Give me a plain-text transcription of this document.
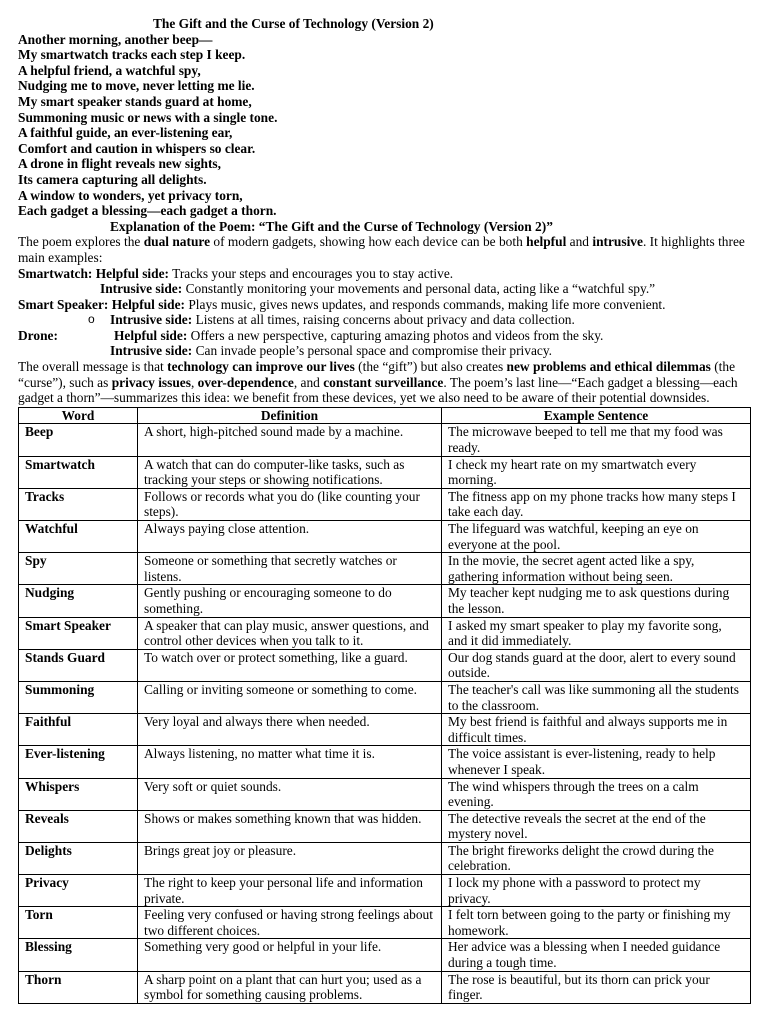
The Gift and the Curse of Technology (Version 2)
Another morning, another beep—
My smartwatch tracks each step I keep.
A helpful friend, a watchful spy,
Nudging me to move, never letting me lie.
My smart speaker stands guard at home,
Summoning music or news with a single tone.
A faithful guide, an ever-listening ear,
Comfort and caution in whispers so clear.
A drone in flight reveals new sights,
Its camera capturing all delights.
A window to wonders, yet privacy torn,
Each gadget a blessing—each gadget a thorn.
Explanation of the Poem: “The Gift and the Curse of Technology (Version 2)”

The poem explores the dual nature of modern gadgets, showing how each device can be both helpful and intrusive. It highlights three main examples:

Smartwatch: Helpful side: Tracks your steps and encourages you to stay active.
Intrusive side: Constantly monitoring your movements and personal data, acting like a “watchful spy.”
Smart Speaker: Helpful side: Plays music, gives news updates, and responds commands, making life more convenient.
o	Intrusive side: Listens at all times, raising concerns about privacy and data collection.
Drone:	Helpful side: Offers a new perspective, capturing amazing photos and videos from the sky.
Intrusive side: Can invade people’s personal space and compromise their privacy.

The overall message is that technology can improve our lives (the “gift”) but also creates new problems and ethical dilemmas (the “curse”), such as privacy issues, over-dependence, and constant surveillance. The poem’s last line—“Each gadget a blessing—each gadget a thorn”—summarizes this idea: we benefit from these devices, yet we also need to be aware of their potential downsides.

Word	Definition	Example Sentence
Beep	A short, high-pitched sound made by a machine.	The microwave beeped to tell me that my food was ready.
Smartwatch	A watch that can do computer-like tasks, such as tracking your steps or showing notifications.	I check my heart rate on my smartwatch every morning.
Tracks	Follows or records what you do (like counting your steps).	The fitness app on my phone tracks how many steps I take each day.
Watchful	Always paying close attention.	The lifeguard was watchful, keeping an eye on everyone at the pool.
Spy	Someone or something that secretly watches or listens.	In the movie, the secret agent acted like a spy, gathering information without being seen.
Nudging	Gently pushing or encouraging someone to do something.	My teacher kept nudging me to ask questions during the lesson.
Smart Speaker	A speaker that can play music, answer questions, and control other devices when you talk to it.	I asked my smart speaker to play my favorite song, and it did immediately.
Stands Guard	To watch over or protect something, like a guard.	Our dog stands guard at the door, alert to every sound outside.
Summoning	Calling or inviting someone or something to come.	The teacher's call was like summoning all the students to the classroom.
Faithful	Very loyal and always there when needed.	My best friend is faithful and always supports me in difficult times.
Ever-listening	Always listening, no matter what time it is.	The voice assistant is ever-listening, ready to help whenever I speak.
Whispers	Very soft or quiet sounds.	The wind whispers through the trees on a calm evening.
Reveals	Shows or makes something known that was hidden.	The detective reveals the secret at the end of the mystery novel.
Delights	Brings great joy or pleasure.	The bright fireworks delight the crowd during the celebration.
Privacy	The right to keep your personal life and information private.	I lock my phone with a password to protect my privacy.
Torn	Feeling very confused or having strong feelings about two different choices.	I felt torn between going to the party or finishing my homework.
Blessing	Something very good or helpful in your life.	Her advice was a blessing when I needed guidance during a tough time.
Thorn	A sharp point on a plant that can hurt you; used as a symbol for something causing problems.	The rose is beautiful, but its thorn can prick your finger.
